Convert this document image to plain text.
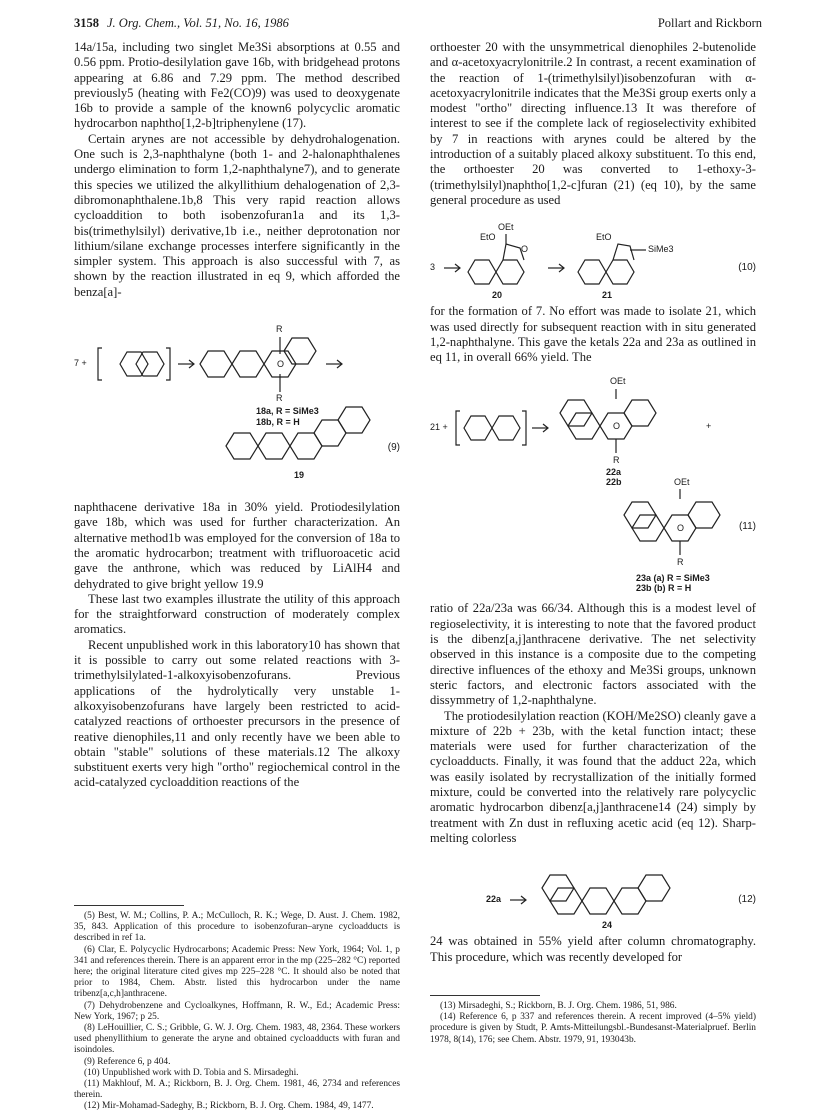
3158 J. Org. Chem., Vol. 51, No. 16, 1986	Pollart and Rickborn

14a/15a, including two singlet Me3Si absorptions at 0.55 and 0.56 ppm. Protio-desilylation gave 16b, with bridgehead protons appearing at 6.86 and 7.29 ppm. The method described previously5 (heating with Fe2(CO)9) was used to deoxygenate 16b to provide a sample of the known6 polycyclic aromatic hydrocarbon naphtho[1,2-b]triphenylene (17).

Certain arynes are not accessible by dehydrohalogenation. One such is 2,3-naphthalyne (both 1- and 2-halonaphthalenes undergo elimination to form 1,2-naphthalyne7), and to generate this species we utilized the alkyllithium dehalogenation of 2,3-dibromonaphthalene.1b,8 This very rapid reaction allows cycloaddition to both isobenzofuran1a and its 1,3-bis(trimethylsilyl) derivative,1b i.e., neither deprotonation nor lithium/silane exchange processes interfere significantly in the simpler system. This approach is also successful with 7, as shown by the reaction illustrated in eq 9, which afforded the benza[a]-

7 +
R
O
R
18a, R = SiMe3
18b, R = H
(9)
19

naphthacene derivative 18a in 30% yield. Protiodesilylation gave 18b, which was used for further characterization. An alternative method1b was employed for the conversion of 18a to the aromatic hydrocarbon; treatment with trifluoroacetic acid gave the anthrone, which was reduced by LiAlH4 and dehydrated to give bright yellow 19.9

These last two examples illustrate the utility of this approach for the straightforward construction of moderately complex aromatics.

Recent unpublished work in this laboratory10 has shown that it is possible to carry out some related reactions with 3-trimethylsilylated-1-alkoxyisobenzofurans. Previous applications of the hydrolytically very unstable 1-alkoxyisobenzofurans have largely been restricted to acid-catalyzed reactions of orthoester precursors in the presence of reative dienophiles,11 and only recently have we been able to obtain "stable" solutions of these materials.12 The alkoxy substituent exerts very high "ortho" regiochemical control in the acid-catalyzed cycloaddition reactions of the

(5) Best, W. M.; Collins, P. A.; McCulloch, R. K.; Wege, D. Aust. J. Chem. 1982, 35, 843. Application of this procedure to isobenzofuran–aryne cycloadducts is described in ref 1a.

(6) Clar, E. Polycyclic Hydrocarbons; Academic Press: New York, 1964; Vol. 1, p 341 and references therein. There is an apparent error in the mp (225–282 °C) reported here; the original literature cited gives mp 225–228 °C. It should also be noted that prior to 1984, Chem. Abstr. listed this hydrocarbon under the name tribenz[a,c,h]anthracene.

(7) Dehydrobenzene and Cycloalkynes, Hoffmann, R. W., Ed.; Academic Press: New York, 1967; p 25.

(8) LeHouillier, C. S.; Gribble, G. W. J. Org. Chem. 1983, 48, 2364. These workers used phenyllithium to generate the aryne and obtained cycloadducts with furan and isoindoles.

(9) Reference 6, p 404.

(10) Unpublished work with D. Tobia and S. Mirsadeghi.

(11) Makhlouf, M. A.; Rickborn, B. J. Org. Chem. 1981, 46, 2734 and references therein.

(12) Mir-Mohamad-Sadeghy, B.; Rickborn, B. J. Org. Chem. 1984, 49, 1477.

orthoester 20 with the unsymmetrical dienophiles 2-butenolide and α-acetoxyacrylonitrile.2 In contrast, a recent examination of the reaction of 1-(trimethylsilyl)isobenzofuran with α-acetoxyacrylonitrile indicates that the Me3Si group exerts only a modest "ortho" directing influence.13 It was therefore of interest to see if the complete lack of regioselectivity exhibited by 7 in reactions with arynes could be altered by the introduction of a suitably placed alkoxy substituent. To this end, the orthoester 20 was converted to 1-ethoxy-3-(trimethylsilyl)naphtho[1,2-c]furan (21) (eq 10), by the same general procedure as used

3
OEt
EtO
O
EtO
SiMe3
(10)
20	21

for the formation of 7. No effort was made to isolate 21, which was used directly for subsequent reaction with in situ generated 1,2-naphthalyne. This gave the ketals 22a and 23a as outlined in eq 11, in overall 66% yield. The

21 +
OEt
O
R
+
22a
22b	OEt
O
R
(11)
23a (a) R = SiMe3
23b (b) R = H

ratio of 22a/23a was 66/34. Although this is a modest level of regioselectivity, it is interesting to note that the favored product is the dibenz[a,j]anthracene derivative. The net selectivity observed in this instance is a composite due to the competing directive influences of the ethoxy and Me3Si groups, unknown steric factors, and electronic factors associated with the dissymmetry of 1,2-naphthalyne.

The protiodesilylation reaction (KOH/Me2SO) cleanly gave a mixture of 22b + 23b, with the ketal function intact; these materials were used for further characterization of the cycloadducts. Finally, it was found that the adduct 22a, which was easily isolated by recrystallization of the initially formed mixture, could be converted into the relatively rare polycyclic aromatic hydrocarbon dibenz[a,j]anthracene14 (24) simply by treatment with Zn dust in refluxing acetic acid (eq 12). Sharp-melting colorless

22a	(12)
24

24 was obtained in 55% yield after column chromatography. This procedure, which was recently developed for

(13) Mirsadeghi, S.; Rickborn, B. J. Org. Chem. 1986, 51, 986.

(14) Reference 6, p 337 and references therein. A recent improved (4–5% yield) procedure is given by Studt, P. Amts-Mitteilungsbl.-Bundesanst-Materialpruef. Berlin 1978, 8(14), 176; see Chem. Abstr. 1979, 91, 193043b.
